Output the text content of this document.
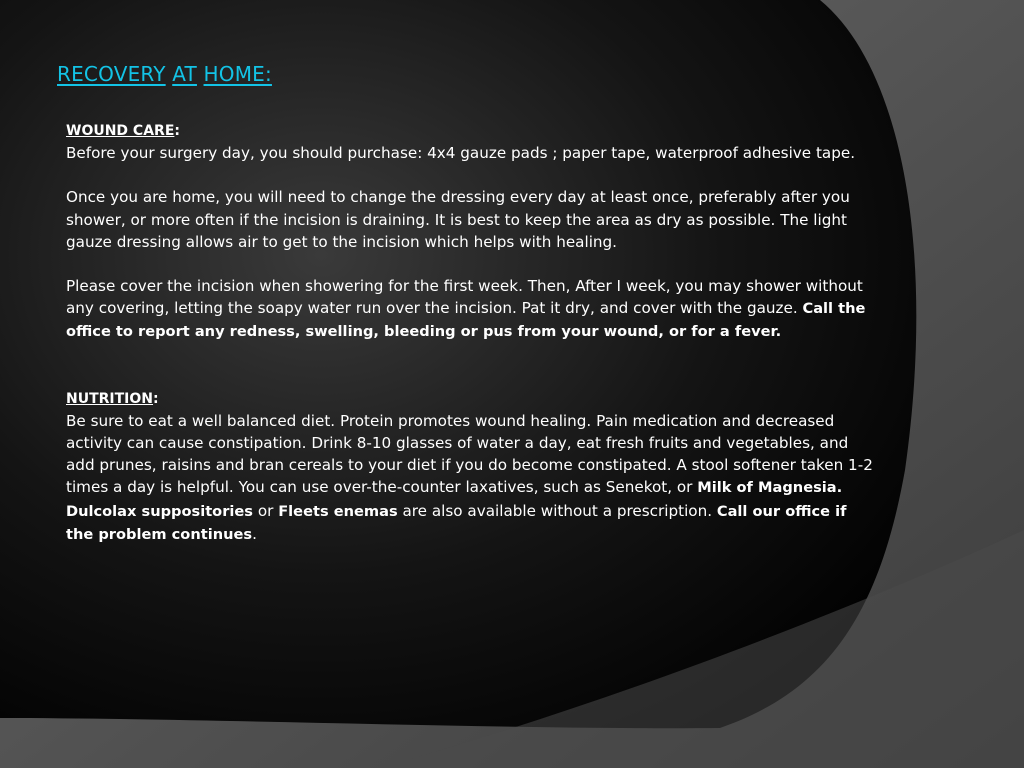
RECOVERY AT HOME:

WOUND CARE:

Before your surgery day, you should purchase: 4x4 gauze pads ; paper tape, waterproof adhesive tape.

Once you are home, you will need to change the dressing every day at least once, preferably after you shower, or more often if the incision is draining. It is best to keep the area as dry as possible. The light gauze dressing allows air to get to the incision which helps with healing.

Please cover the incision when showering for the first week. Then, After I week, you may shower without any covering, letting the soapy water run over the incision. Pat it dry, and cover with the gauze. Call the office to report any redness, swelling, bleeding or pus from your wound, or for a fever.

NUTRITION:

Be sure to eat a well balanced diet. Protein promotes wound healing. Pain medication and decreased activity can cause constipation. Drink 8-10 glasses of water a day, eat fresh fruits and vegetables, and add prunes, raisins and bran cereals to your diet if you do become constipated. A stool softener taken 1-2 times a day is helpful. You can use over-the-counter laxatives, such as Senekot, or Milk of Magnesia. Dulcolax suppositories or Fleets enemas are also available without a prescription. Call our office if the problem continues.
